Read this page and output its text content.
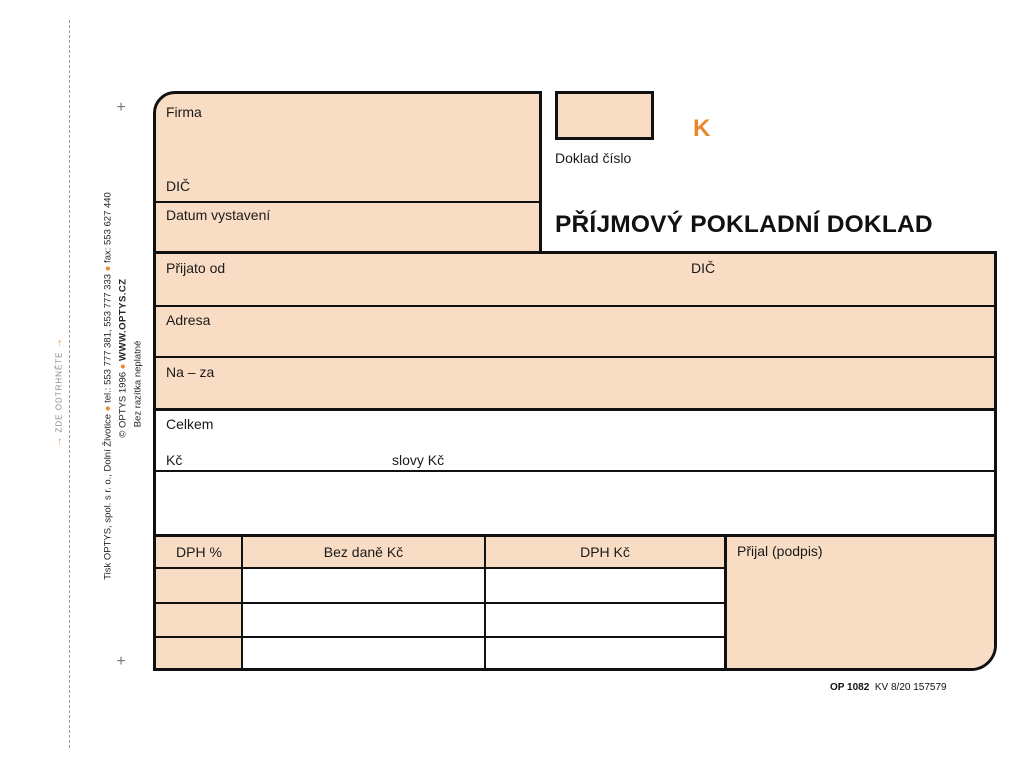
→ ZDE ODTRHNĚTE →
Tisk OPTYS, spol. s r. o., Dolní Životice ● tel.: 553 777 381, 553 777 333 ● fax: 553 627 440
© OPTYS 1996 ● WWW.OPTYS.CZ
Bez razítka neplatné
+
+
Firma
DIČ
Datum vystavení
Doklad číslo
K
PŘÍJMOVÝ POKLADNÍ DOKLAD
Přijato od	DIČ
Adresa
Na – za
Celkem
Kč	slovy Kč
DPH %	Bez daně Kč	DPH Kč	Přijal (podpis)
OP 1082 KV 8/20 157579
